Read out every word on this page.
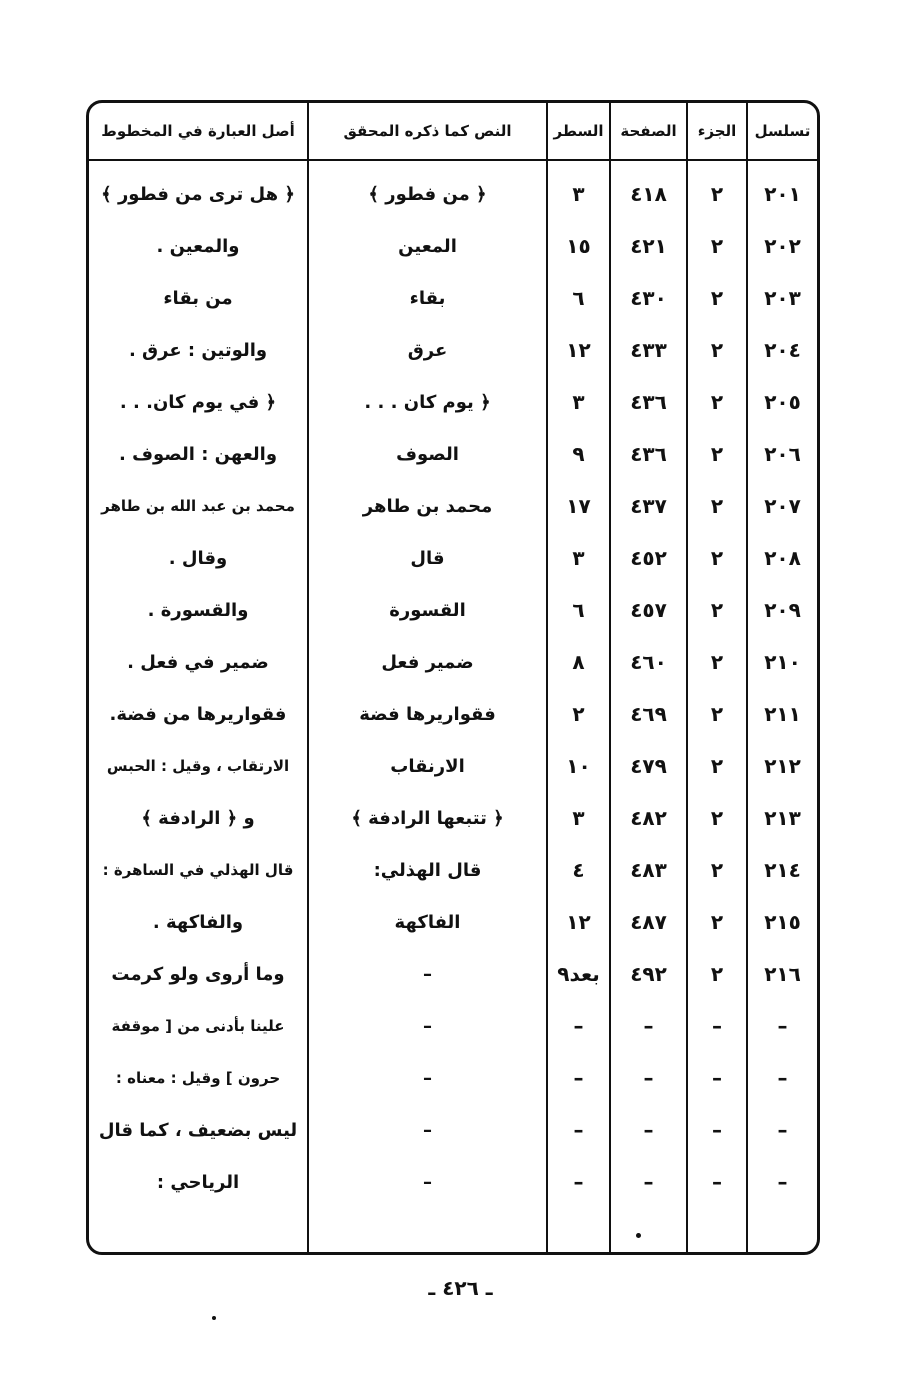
أصل العبارة في المخطوط	النص كما ذكره المحقق	السطر	الصفحة	الجزء	تسلسل
﴿ هل ترى من فطور ﴾	﴿ من فطور ﴾	٣	٤١٨	٢	٢٠١
والمعين .	المعين	١٥	٤٢١	٢	٢٠٢
من بقاء	بقاء	٦	٤٣٠	٢	٢٠٣
والوتين : عرق .	عرق	١٢	٤٣٣	٢	٢٠٤
﴿ في يوم كان. . .	﴿ يوم كان . . .	٣	٤٣٦	٢	٢٠٥
والعهن : الصوف .	الصوف	٩	٤٣٦	٢	٢٠٦
محمد بن عبد الله بن طاهر	محمد بن طاهر	١٧	٤٣٧	٢	٢٠٧
وقال .	قال	٣	٤٥٢	٢	٢٠٨
والقسورة .	القسورة	٦	٤٥٧	٢	٢٠٩
ضمير في فعل .	ضمير فعل	٨	٤٦٠	٢	٢١٠
فقواريرها من فضة.	فقواريرها فضة	٢	٤٦٩	٢	٢١١
الارتقاب ، وقيل : الحبس	الارنقاب	١٠	٤٧٩	٢	٢١٢
و ﴿ الرادفة ﴾	﴿ تتبعها الرادفة ﴾	٣	٤٨٢	٢	٢١٣
قال الهذلي في الساهرة :	قال الهذلي:	٤	٤٨٣	٢	٢١٤
والفاكهة .	الفاكهة	١٢	٤٨٧	٢	٢١٥
وما أروى ولو كرمت	–	بعد٩	٤٩٢	٢	٢١٦
علينا بأدنى من [ موقفة	–	–	–	–	–
حرون ] وقيل : معناه :	–	–	–	–	–
ليس بضعيف ، كما قال	–	–	–	–	–
الرياحي :	–	–	–	–	–
ـ ٤٢٦ ـ
